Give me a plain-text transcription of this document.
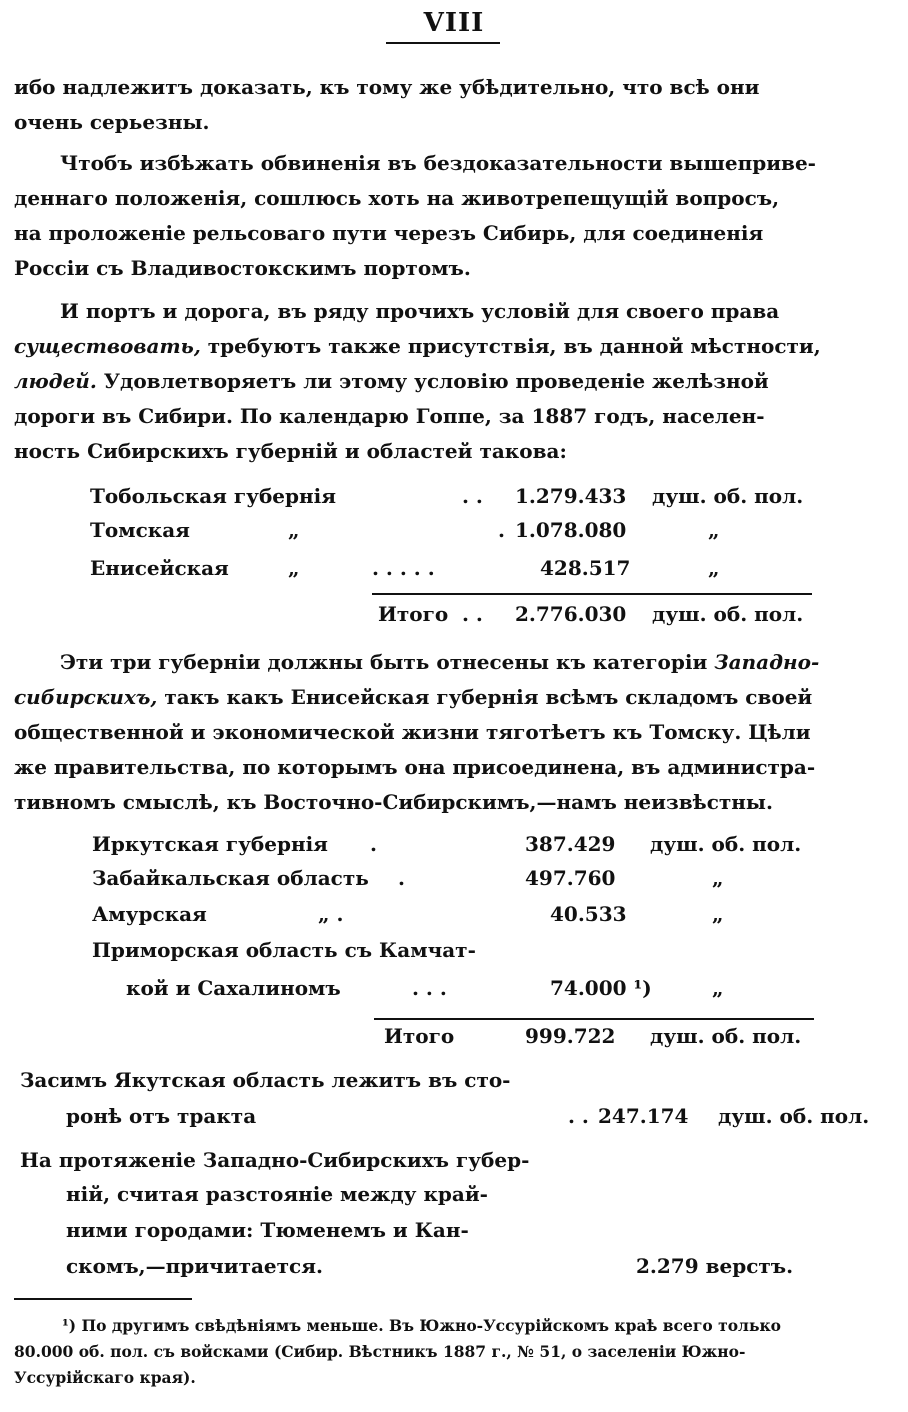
VIII
ибо надлежитъ доказать, къ тому же убѣдительно, что всѣ они
очень серьезны.
Чтобъ избѣжать обвиненія въ бездоказательности вышеприве-
деннаго положенія, сошлюсь хоть на животрепещущій вопросъ,
на проложеніе рельсоваго пути черезъ Сибирь, для соединенія
Россіи съ Владивостокскимъ портомъ.
И портъ и дорога, въ ряду прочихъ условій для своего права
существовать, требуютъ также присутствія, въ данной мѣстности,
людей. Удовлетворяетъ ли этому условію проведеніе желѣзной
дороги въ Сибири. По календарю Гоппе, за 1887 годъ, населен-
ность Сибирскихъ губерній и областей такова:
Тобольская губернія	. . 1.279.433 душ. об. пол.
Томская	„	. 1.078.080	„
Енисейская	„	. . . . .	428.517	„
Итого . . 2.776.030 душ. об. пол.
Эти три губерніи должны быть отнесены къ категоріи Западно-
сибирскихъ, такъ какъ Енисейская губернія всѣмъ складомъ своей
общественной и экономической жизни тяготѣетъ къ Томску. Цѣли
же правительства, по которымъ она присоединена, въ администра-
тивномъ смыслѣ, къ Восточно-Сибирскимъ,—намъ неизвѣстны.
Иркутская губернія .	387.429 душ. об. пол.
Забайкальская область .	497.760	„
Амурская	„ .	40.533	„
Приморская область съ Камчат-
кой и Сахалиномъ	. . .	74.000 ¹)	„
Итого	999.722 душ. об. пол.
Засимъ Якутская область лежитъ въ сто-
ронѣ отъ тракта	. . 247.174 душ. об. пол.
На протяженіе Западно-Сибирскихъ губер-
ній, считая разстояніе между край-
ними городами: Тюменемъ и Кан-
скомъ,—причитается.	2.279 верстъ.
¹) По другимъ свѣдѣніямъ меньше. Въ Южно-Уссурійскомъ краѣ всего только
80.000 об. пол. съ войсками (Сибир. Вѣстникъ 1887 г., № 51, о заселеніи Южно-
Уссурійскаго края).
